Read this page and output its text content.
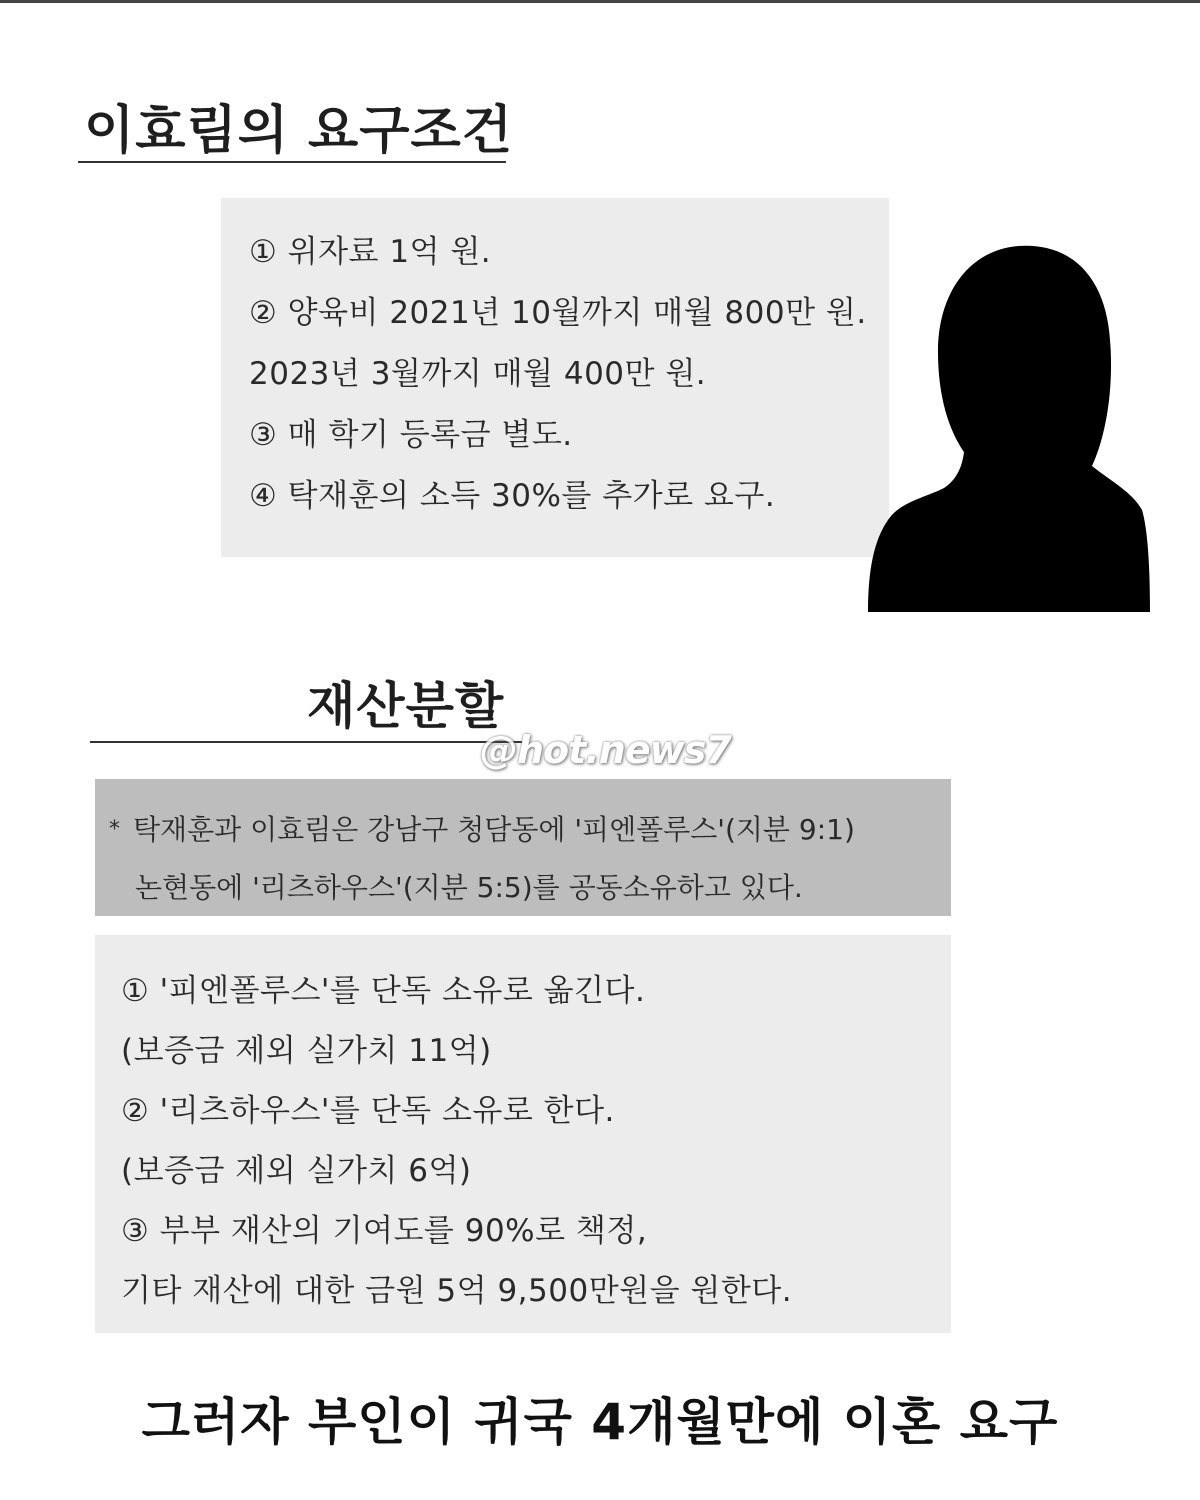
이효림의 요구조건
① 위자료 1억 원.
② 양육비 2021년 10월까지 매월 800만 원.
2023년 3월까지 매월 400만 원.
③ 매 학기 등록금 별도.
④ 탁재훈의 소득 30%를 추가로 요구.
재산분할
@hot.news7
* 탁재훈과 이효림은 강남구 청담동에 '피엔폴루스'(지분 9:1)
논현동에 '리츠하우스'(지분 5:5)를 공동소유하고 있다.
① '피엔폴루스'를 단독 소유로 옮긴다.
(보증금 제외 실가치 11억)
② '리츠하우스'를 단독 소유로 한다.
(보증금 제외 실가치 6억)
③ 부부 재산의 기여도를 90%로 책정,
기타 재산에 대한 금원 5억 9,500만원을 원한다.

그러자 부인이 귀국 4개월만에 이혼 요구
